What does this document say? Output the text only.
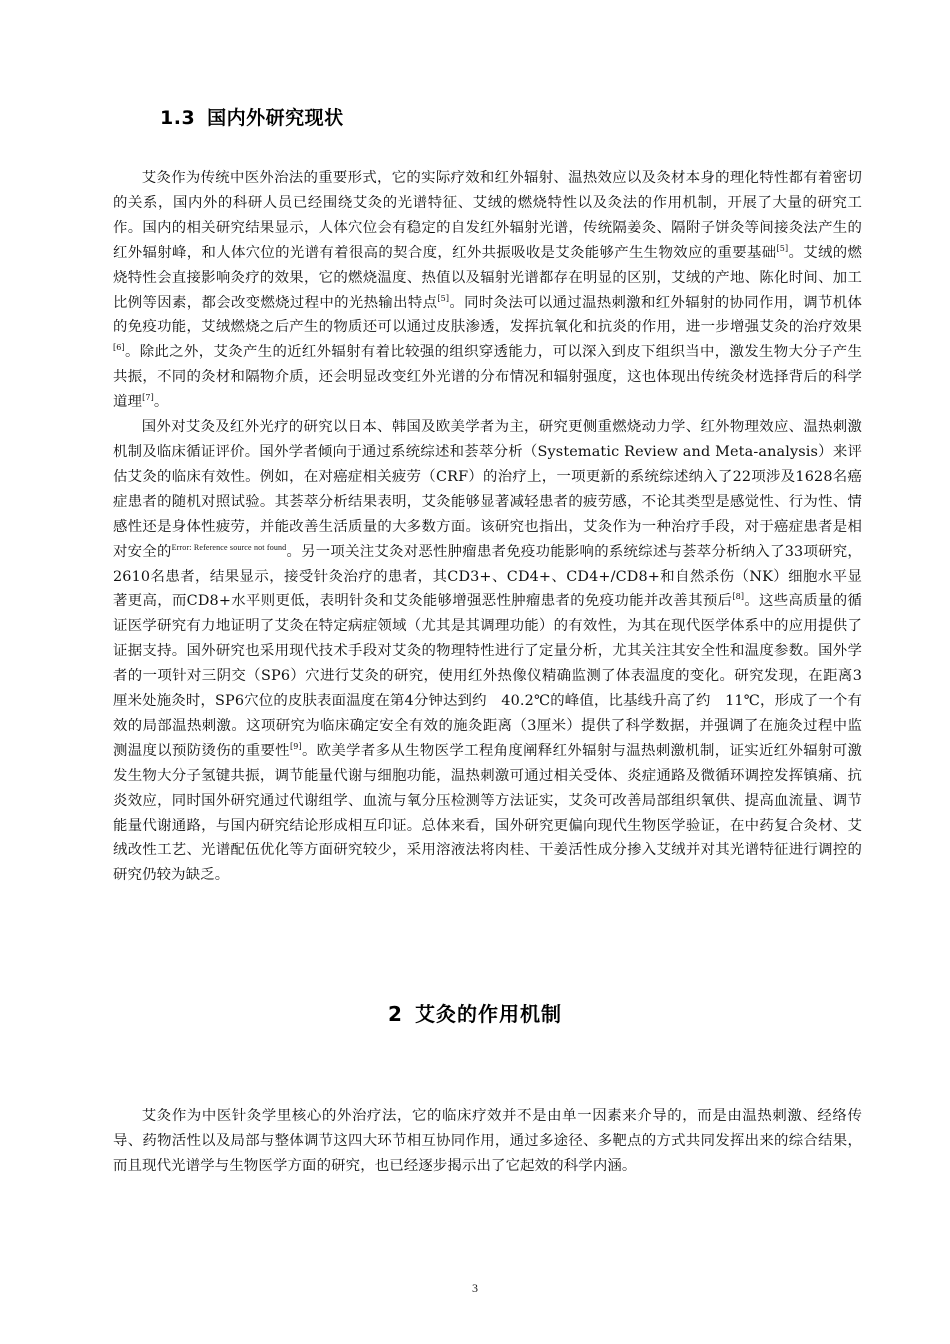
1.3 国内外研究现状

艾灸作为传统中医外治法的重要形式，它的实际疗效和红外辐射、温热效应以及灸材本身的理化特性都有着密切的关系，国内外的科研人员已经围绕艾灸的光谱特征、艾绒的燃烧特性以及灸法的作用机制，开展了大量的研究工作。国内的相关研究结果显示，人体穴位会有稳定的自发红外辐射光谱，传统隔姜灸、隔附子饼灸等间接灸法产生的红外辐射峰，和人体穴位的光谱有着很高的契合度，红外共振吸收是艾灸能够产生生物效应的重要基础[5]。艾绒的燃烧特性会直接影响灸疗的效果，它的燃烧温度、热值以及辐射光谱都存在明显的区别，艾绒的产地、陈化时间、加工比例等因素，都会改变燃烧过程中的光热输出特点[5]。同时灸法可以通过温热刺激和红外辐射的协同作用，调节机体的免疫功能，艾绒燃烧之后产生的物质还可以通过皮肤渗透，发挥抗氧化和抗炎的作用，进一步增强艾灸的治疗效果[6]。除此之外，艾灸产生的近红外辐射有着比较强的组织穿透能力，可以深入到皮下组织当中，激发生物大分子产生共振，不同的灸材和隔物介质，还会明显改变红外光谱的分布情况和辐射强度，这也体现出传统灸材选择背后的科学道理[7]。

国外对艾灸及红外光疗的研究以日本、韩国及欧美学者为主，研究更侧重燃烧动力学、红外物理效应、温热刺激机制及临床循证评价。国外学者倾向于通过系统综述和荟萃分析（Systematic Review and Meta-analysis）来评估艾灸的临床有效性。例如，在对癌症相关疲劳（CRF）的治疗上，一项更新的系统综述纳入了22项涉及1628名癌症患者的随机对照试验。其荟萃分析结果表明，艾灸能够显著减轻患者的疲劳感，不论其类型是感觉性、行为性、情感性还是身体性疲劳，并能改善生活质量的大多数方面。该研究也指出，艾灸作为一种治疗手段，对于癌症患者是相对安全的$^{Error: Reference source not found}$。另一项关注艾灸对恶性肿瘤患者免疫功能影响的系统综述与荟萃分析纳入了33项研究，2610名患者，结果显示，接受针灸治疗的患者，其CD3+、CD4+、CD4+/CD8+和自然杀伤（NK）细胞水平显著更高，而CD8+水平则更低，表明针灸和艾灸能够增强恶性肿瘤患者的免疫功能并改善其预后[8]。这些高质量的循证医学研究有力地证明了艾灸在特定病症领域（尤其是其调理功能）的有效性，为其在现代医学体系中的应用提供了证据支持。国外研究也采用现代技术手段对艾灸的物理特性进行了定量分析，尤其关注其安全性和温度参数。国外学者的一项针对三阴交（SP6）穴进行艾灸的研究，使用红外热像仪精确监测了体表温度的变化。研究发现，在距离3厘米处施灸时，SP6穴位的皮肤表面温度在第4分钟达到约　40.2℃的峰值，比基线升高了约　11℃，形成了一个有效的局部温热刺激。这项研究为临床确定安全有效的施灸距离（3厘米）提供了科学数据，并强调了在施灸过程中监测温度以预防烫伤的重要性[9]。欧美学者多从生物医学工程角度阐释红外辐射与温热刺激机制，证实近红外辐射可激发生物大分子氢键共振，调节能量代谢与细胞功能，温热刺激可通过相关受体、炎症通路及微循环调控发挥镇痛、抗炎效应，同时国外研究通过代谢组学、血流与氧分压检测等方法证实，艾灸可改善局部组织氧供、提高血流量、调节能量代谢通路，与国内研究结论形成相互印证。总体来看，国外研究更偏向现代生物医学验证，在中药复合灸材、艾绒改性工艺、光谱配伍优化等方面研究较少，采用溶液法将肉桂、干姜活性成分掺入艾绒并对其光谱特征进行调控的研究仍较为缺乏。

2 艾灸的作用机制

艾灸作为中医针灸学里核心的外治疗法，它的临床疗效并不是由单一因素来介导的，而是由温热刺激、经络传导、药物活性以及局部与整体调节这四大环节相互协同作用，通过多途径、多靶点的方式共同发挥出来的综合结果，而且现代光谱学与生物医学方面的研究，也已经逐步揭示出了它起效的科学内涵。

3
